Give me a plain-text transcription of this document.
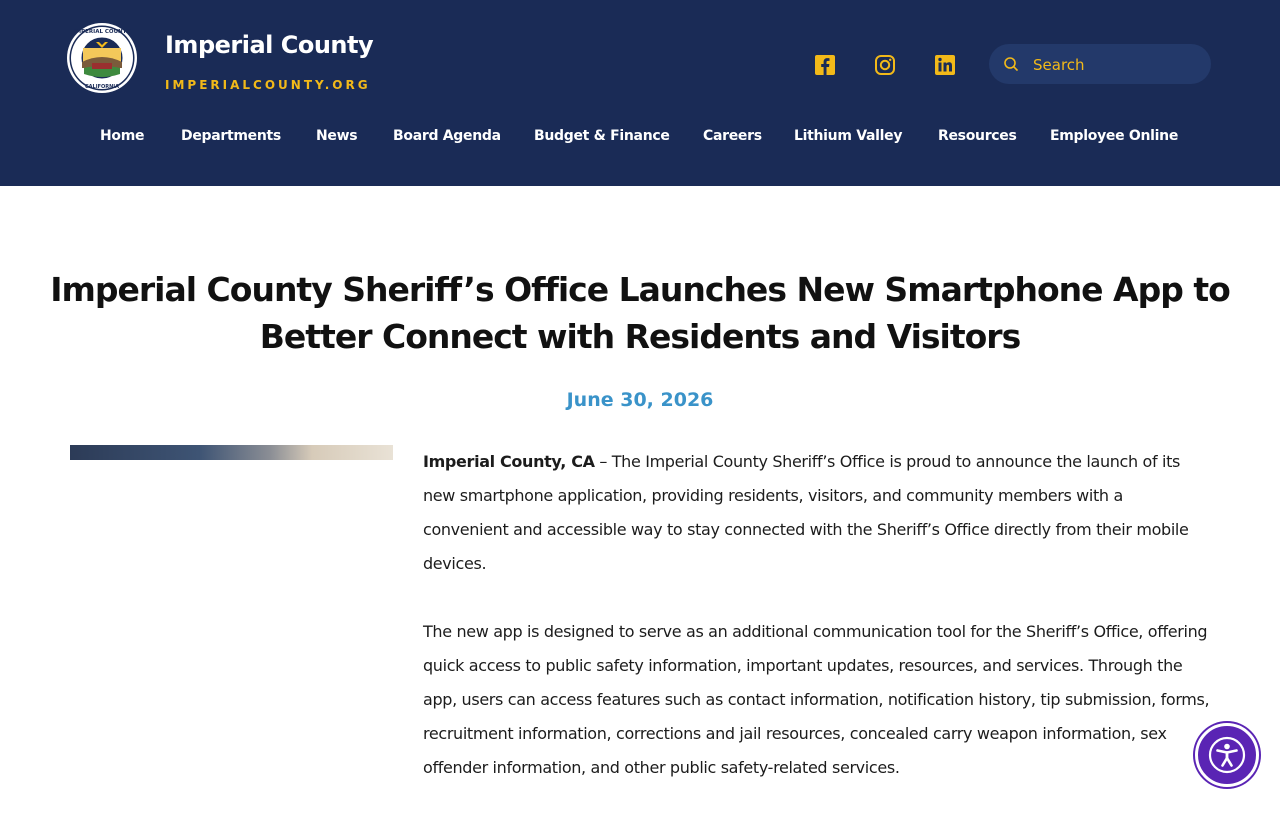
IMPERIAL COUNTY
CALIFORNIA
Imperial County
IMPERIALCOUNTY.ORG
Search
Home	Departments	News	Board Agenda Budget & Finance Careers Lithium Valley	Resources Employee Online
Imperial County Sheriff’s Office Launches New Smartphone App to Better Connect with Residents and Visitors
June 30, 2026

Imperial County, CA – The Imperial County Sheriff’s Office is proud to announce the launch of its new smartphone application, providing residents, visitors, and community members with a convenient and accessible way to stay connected with the Sheriff’s Office directly from their mobile devices.

The new app is designed to serve as an additional communication tool for the Sheriff’s Office, offering quick access to public safety information, important updates, resources, and services. Through the app, users can access features such as contact information, notification history, tip submission, forms, recruitment information, corrections and jail resources, concealed carry weapon information, sex offender information, and other public safety-related services.
